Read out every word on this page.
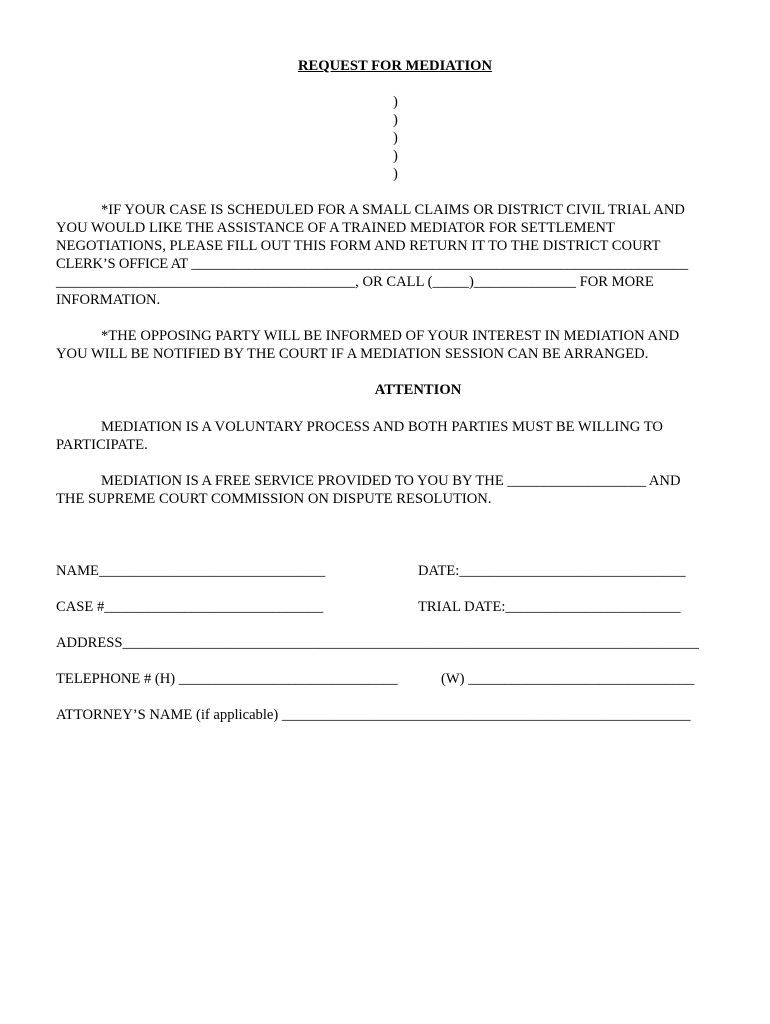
REQUEST FOR MEDIATION
)
)
)
)
)
*IF YOUR CASE IS SCHEDULED FOR A SMALL CLAIMS OR DISTRICT CIVIL TRIAL AND
YOU WOULD LIKE THE ASSISTANCE OF A TRAINED MEDIATOR FOR SETTLEMENT
NEGOTIATIONS, PLEASE FILL OUT THIS FORM AND RETURN IT TO THE DISTRICT COURT
CLERK’S OFFICE AT ______________________________________________________________________
_________________________________________, OR CALL (_____)______________ FOR MORE
INFORMATION.
*THE OPPOSING PARTY WILL BE INFORMED OF YOUR INTEREST IN MEDIATION AND
YOU WILL BE NOTIFIED BY THE COURT IF A MEDIATION SESSION CAN BE ARRANGED.
ATTENTION
MEDIATION IS A VOLUNTARY PROCESS AND BOTH PARTIES MUST BE WILLING TO
PARTICIPATE.
MEDIATION IS A FREE SERVICE PROVIDED TO YOU BY THE ___________________ AND
THE SUPREME COURT COMMISSION ON DISPUTE RESOLUTION.
NAME_______________________________	DATE:_______________________________
CASE #______________________________	TRIAL DATE:________________________
ADDRESS_______________________________________________________________________________
TELEPHONE # (H) ______________________________	(W) _______________________________
ATTORNEY’S NAME (if applicable) ________________________________________________________
